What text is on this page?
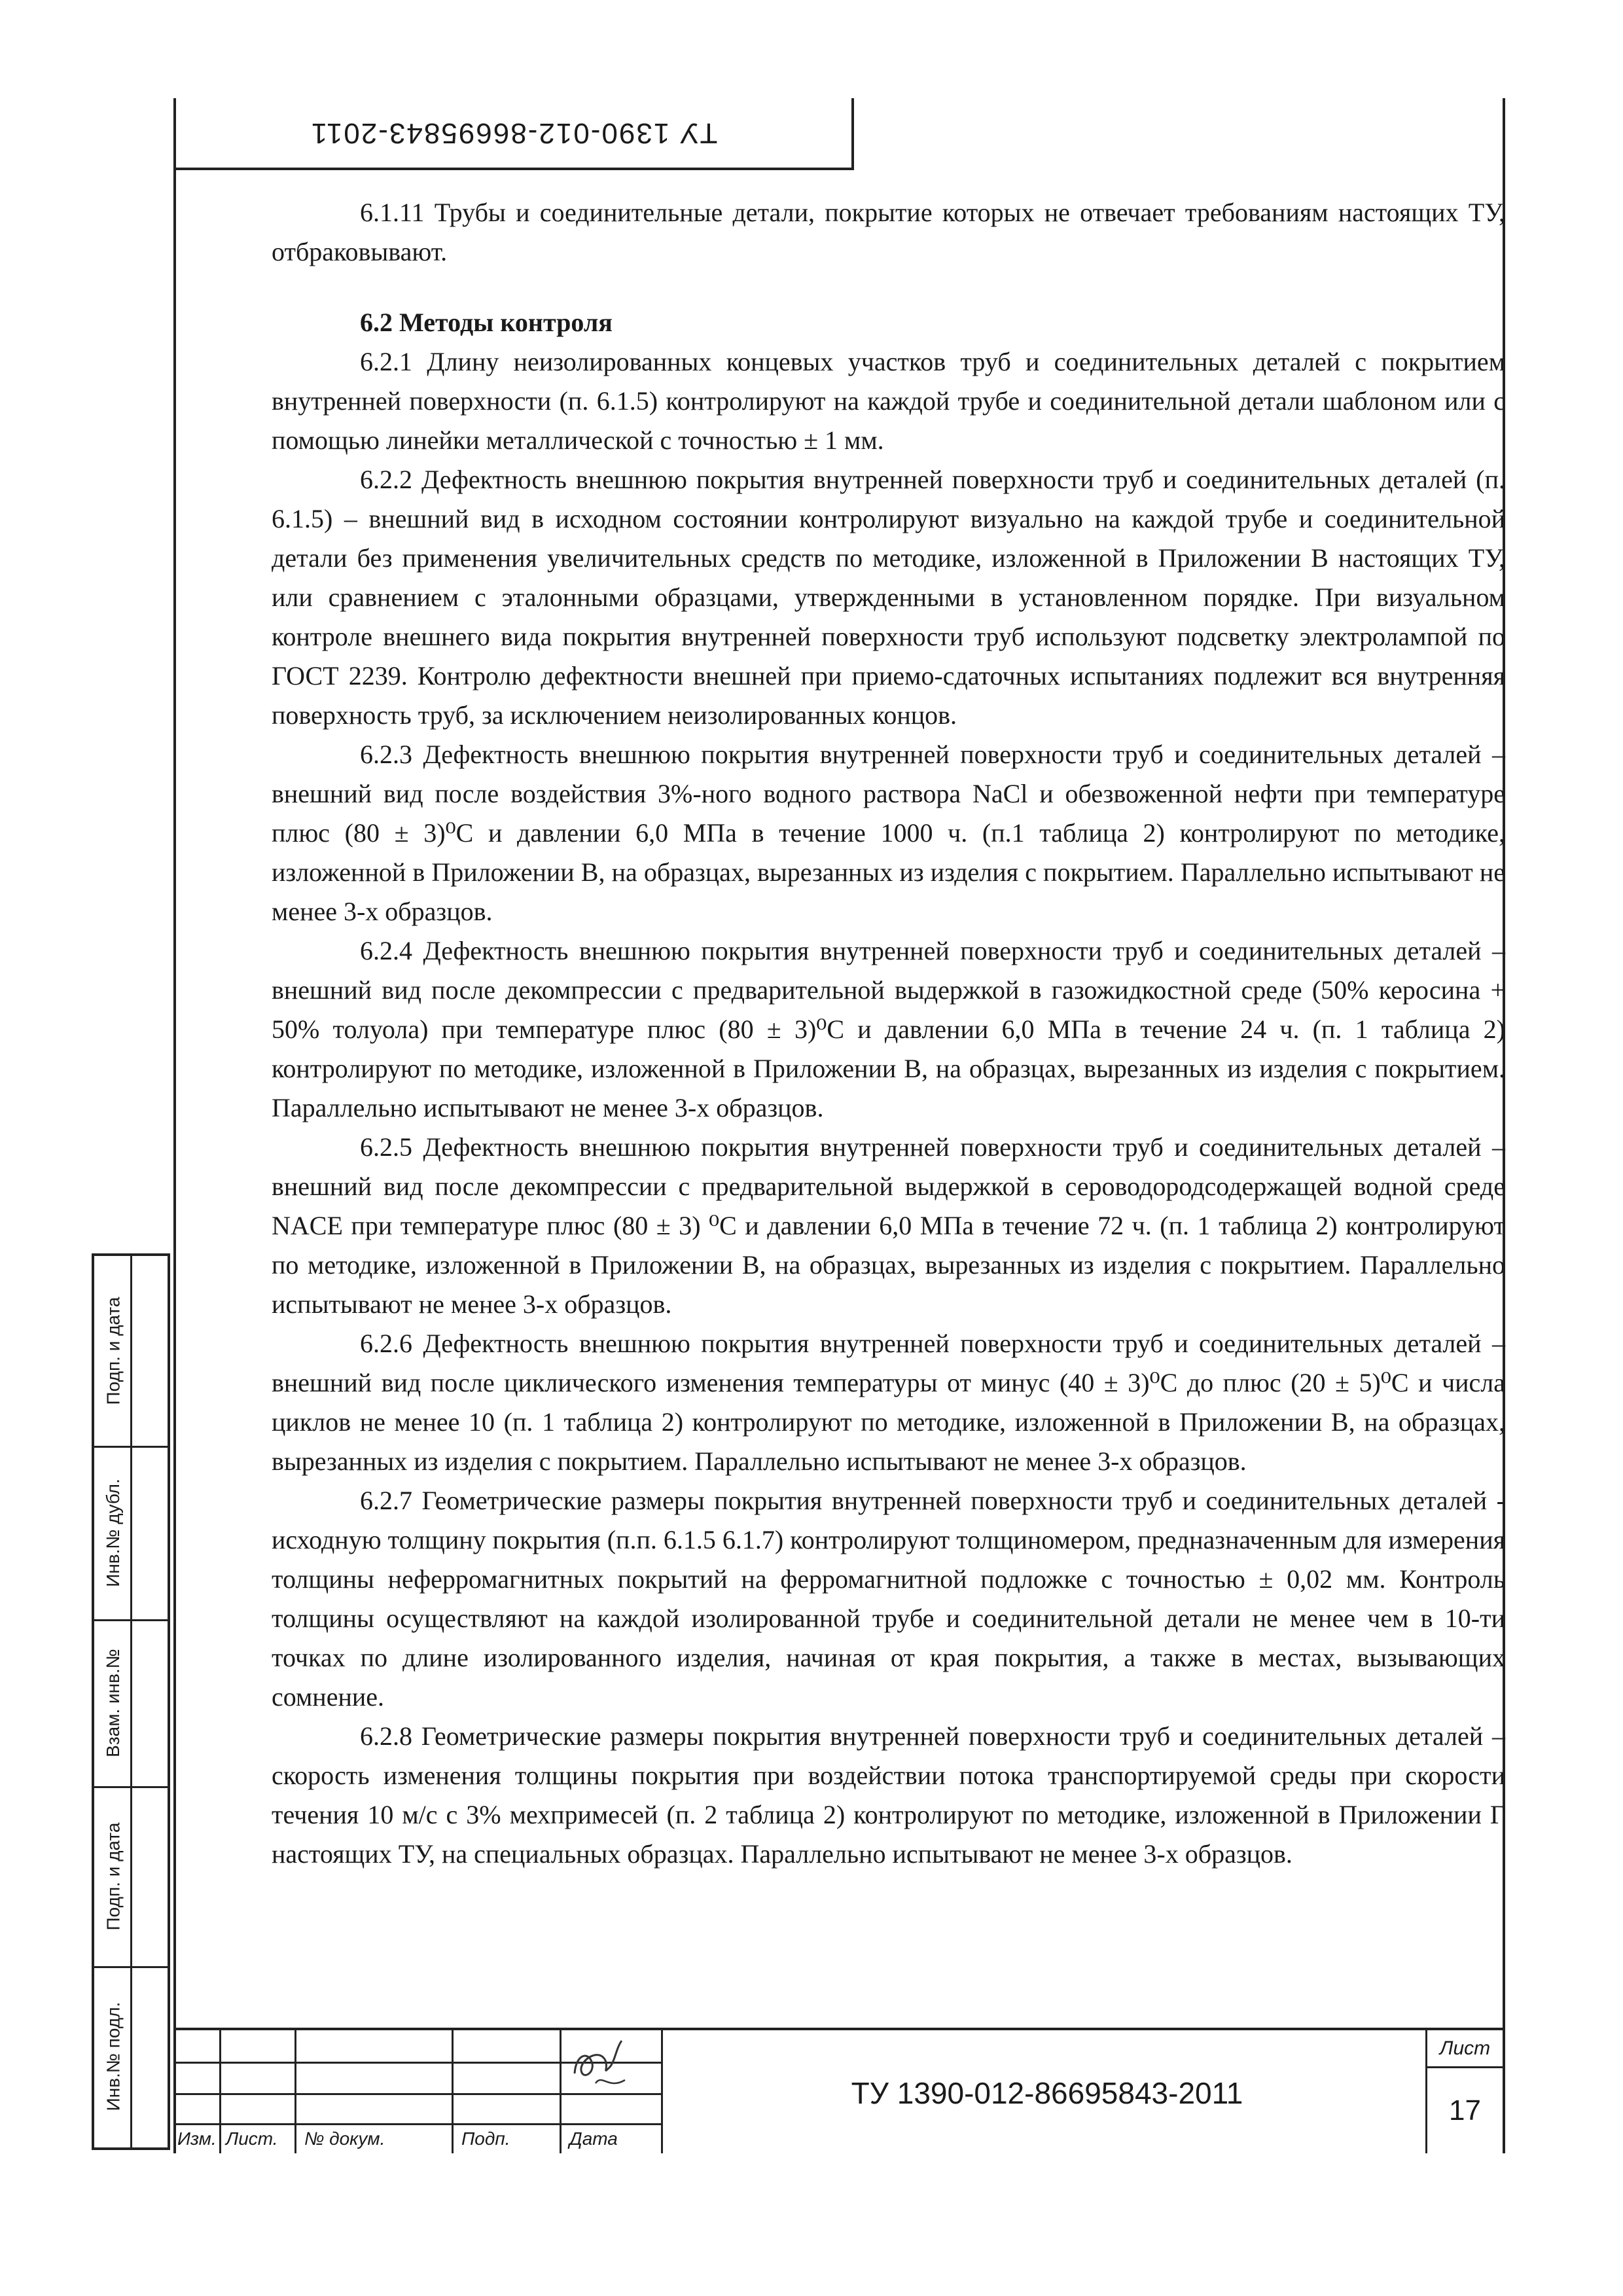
ТУ 1390-012-86695843-2011

6.1.11 Трубы и соединительные детали, покрытие которых не отвечает требованиям настоящих ТУ, отбраковывают.

6.2 Методы контроля

6.2.1 Длину неизолированных концевых участков труб и соединительных деталей с покрытием внутренней поверхности (п. 6.1.5) контролируют на каждой трубе и соединительной детали шаблоном или с помощью линейки металлической с точностью ± 1 мм.

6.2.2 Дефектность внешнюю покрытия внутренней поверхности труб и соединительных деталей (п. 6.1.5) – внешний вид в исходном состоянии контролируют визуально на каждой трубе и соединительной детали без применения увеличительных средств по методике, изложенной в Приложении В настоящих ТУ, или сравнением с эталонными образцами, утвержденными в установленном порядке. При визуальном контроле внешнего вида покрытия внутренней поверхности труб используют подсветку электролампой по ГОСТ 2239. Контролю дефектности внешней при приемо-сдаточных испытаниях подлежит вся внутренняя поверхность труб, за исключением неизолированных концов.

6.2.3 Дефектность внешнюю покрытия внутренней поверхности труб и соединительных деталей –внешний вид после воздействия 3%-ного водного раствора NaCl и обезвоженной нефти при температуре плюс (80 ± 3)⁰С и давлении 6,0 МПа в течение 1000 ч. (п.1 таблица 2) контролируют по методике, изложенной в Приложении В, на образцах, вырезанных из изделия с покрытием. Параллельно испытывают не менее 3-х образцов.

6.2.4 Дефектность внешнюю покрытия внутренней поверхности труб и соединительных деталей – внешний вид после декомпрессии с предварительной выдержкой в газожидкостной среде (50% керосина + 50% толуола) при температуре плюс (80 ± 3)⁰С и давлении 6,0 МПа в течение 24 ч. (п. 1 таблица 2) контролируют по методике, изложенной в Приложении В, на образцах, вырезанных из изделия с покрытием. Параллельно испытывают не менее 3-х образцов.

6.2.5 Дефектность внешнюю покрытия внутренней поверхности труб и соединительных деталей – внешний вид после декомпрессии с предварительной выдержкой в сероводородсодержащей водной среде NACE при температуре плюс (80 ± 3) ⁰С и давлении 6,0 МПа в течение 72 ч. (п. 1 таблица 2) контролируют по методике, изложенной в Приложении В, на образцах, вырезанных из изделия с покрытием. Параллельно испытывают не менее 3-х образцов.

6.2.6 Дефектность внешнюю покрытия внутренней поверхности труб и соединительных деталей – внешний вид после циклического изменения температуры от минус (40 ± 3)⁰С до плюс (20 ± 5)⁰С и числа циклов не менее 10 (п. 1 таблица 2) контролируют по методике, изложенной в Приложении В, на образцах, вырезанных из изделия с покрытием. Параллельно испытывают не менее 3-х образцов.

6.2.7 Геометрические размеры покрытия внутренней поверхности труб и соединительных деталей - исходную толщину покрытия (п.п. 6.1.5 6.1.7) контролируют толщиномером, предназначенным для измерения толщины неферромагнитных покрытий на ферромагнитной подложке с точностью ± 0,02 мм. Контроль толщины осуществляют на каждой изолированной трубе и соединительной детали не менее чем в 10-ти точках по длине изолированного изделия, начиная от края покрытия, а также в местах, вызывающих сомнение.

6.2.8 Геометрические размеры покрытия внутренней поверхности труб и соединительных деталей – скорость изменения толщины покрытия при воздействии потока транспортируемой среды при скорости течения 10 м/с с 3% мехпримесей (п. 2 таблица 2) контролируют по методике, изложенной в Приложении Г настоящих ТУ, на специальных образцах. Параллельно испытывают не менее 3-х образцов.

Подп. и дата
Инв.№ дубл.
Взам. инв.№
Подп. и дата
Инв.№ подл.
Изм. Лист. № докум.	Подп.	Дата
ТУ 1390-012-86695843-2011
Лист
17
